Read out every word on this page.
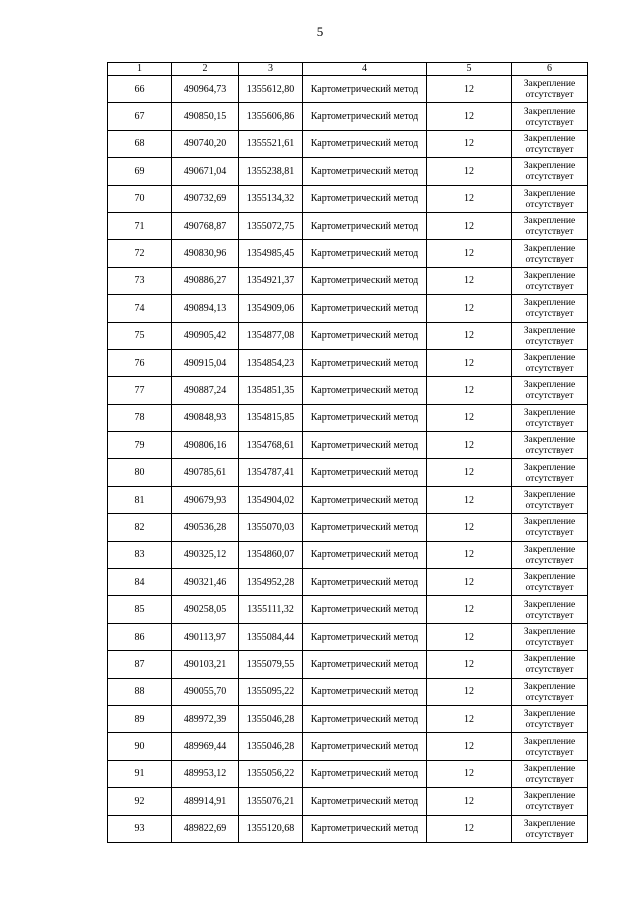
5
1	2	3	4	5	6
66	490964,73	1355612,80	Картометрический метод	12	Закрепление отсутствует
67	490850,15	1355606,86	Картометрический метод	12	Закрепление отсутствует
68	490740,20	1355521,61	Картометрический метод	12	Закрепление отсутствует
69	490671,04	1355238,81	Картометрический метод	12	Закрепление отсутствует
70	490732,69	1355134,32	Картометрический метод	12	Закрепление отсутствует
71	490768,87	1355072,75	Картометрический метод	12	Закрепление отсутствует
72	490830,96	1354985,45	Картометрический метод	12	Закрепление отсутствует
73	490886,27	1354921,37	Картометрический метод	12	Закрепление отсутствует
74	490894,13	1354909,06	Картометрический метод	12	Закрепление отсутствует
75	490905,42	1354877,08	Картометрический метод	12	Закрепление отсутствует
76	490915,04	1354854,23	Картометрический метод	12	Закрепление отсутствует
77	490887,24	1354851,35	Картометрический метод	12	Закрепление отсутствует
78	490848,93	1354815,85	Картометрический метод	12	Закрепление отсутствует
79	490806,16	1354768,61	Картометрический метод	12	Закрепление отсутствует
80	490785,61	1354787,41	Картометрический метод	12	Закрепление отсутствует
81	490679,93	1354904,02	Картометрический метод	12	Закрепление отсутствует
82	490536,28	1355070,03	Картометрический метод	12	Закрепление отсутствует
83	490325,12	1354860,07	Картометрический метод	12	Закрепление отсутствует
84	490321,46	1354952,28	Картометрический метод	12	Закрепление отсутствует
85	490258,05	1355111,32	Картометрический метод	12	Закрепление отсутствует
86	490113,97	1355084,44	Картометрический метод	12	Закрепление отсутствует
87	490103,21	1355079,55	Картометрический метод	12	Закрепление отсутствует
88	490055,70	1355095,22	Картометрический метод	12	Закрепление отсутствует
89	489972,39	1355046,28	Картометрический метод	12	Закрепление отсутствует
90	489969,44	1355046,28	Картометрический метод	12	Закрепление отсутствует
91	489953,12	1355056,22	Картометрический метод	12	Закрепление отсутствует
92	489914,91	1355076,21	Картометрический метод	12	Закрепление отсутствует
93	489822,69	1355120,68	Картометрический метод	12	Закрепление отсутствует
